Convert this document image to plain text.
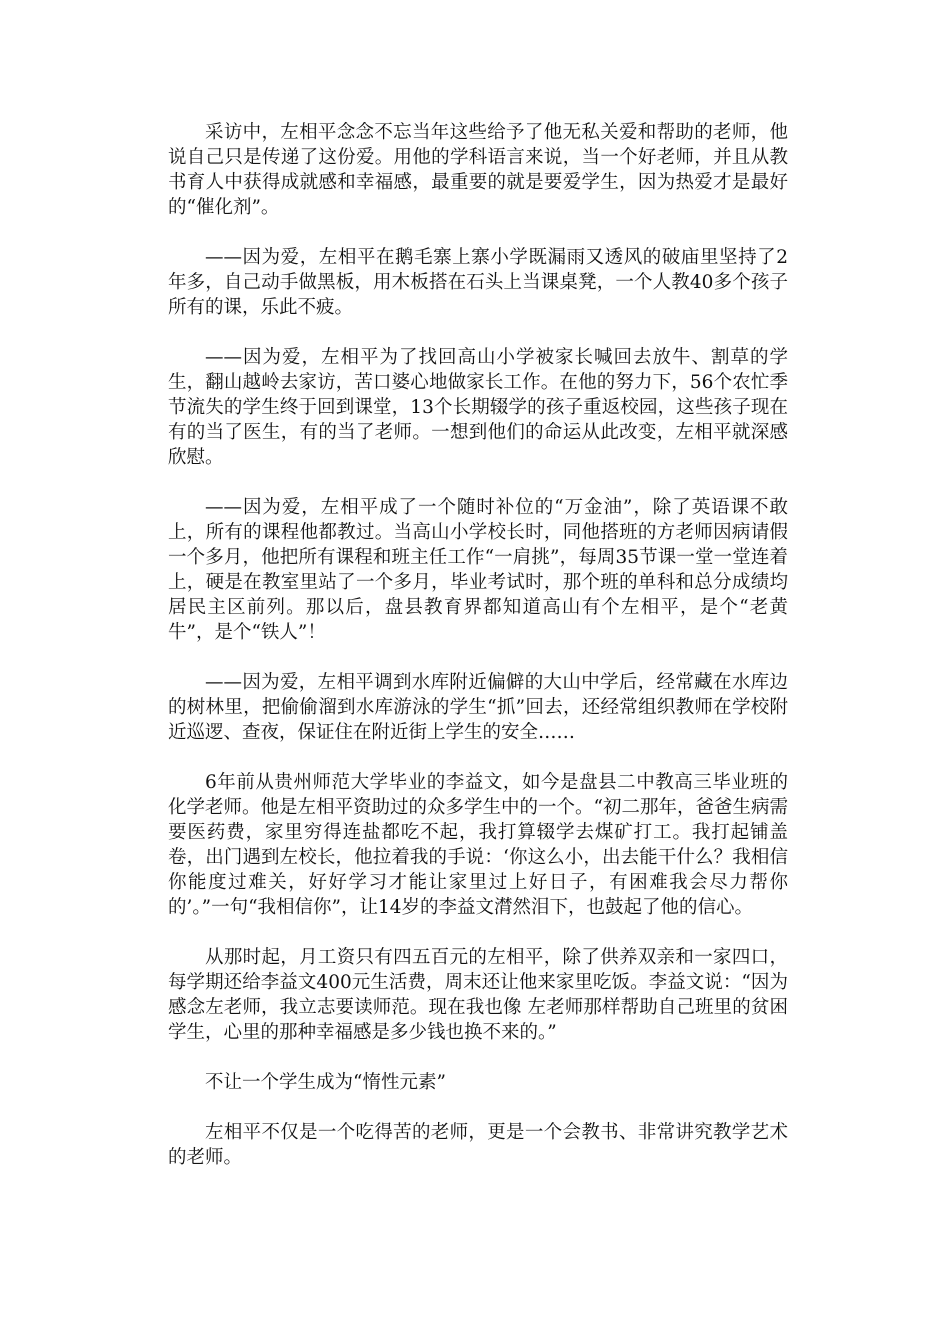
采访中，左相平念念不忘当年这些给予了他无私关爱和帮助的老师，他说自己只是传递了这份爱。用他的学科语言来说，当一个好老师，并且从教书育人中获得成就感和幸福感，最重要的就是要爱学生，因为热爱才是最好的“催化剂”。

——因为爱，左相平在鹅毛寨上寨小学既漏雨又透风的破庙里坚持了2年多，自己动手做黑板，用木板搭在石头上当课桌凳，一个人教40多个孩子所有的课，乐此不疲。

——因为爱，左相平为了找回高山小学被家长喊回去放牛、割草的学生，翻山越岭去家访，苦口婆心地做家长工作。在他的努力下，56个农忙季节流失的学生终于回到课堂，13个长期辍学的孩子重返校园，这些孩子现在有的当了医生，有的当了老师。一想到他们的命运从此改变，左相平就深感欣慰。

——因为爱，左相平成了一个随时补位的“万金油”，除了英语课不敢上，所有的课程他都教过。当高山小学校长时，同他搭班的方老师因病请假一个多月，他把所有课程和班主任工作“一肩挑”，每周35节课一堂一堂连着上，硬是在教室里站了一个多月，毕业考试时，那个班的单科和总分成绩均居民主区前列。那以后，盘县教育界都知道高山有个左相平，是个“老黄牛”，是个“铁人”！

——因为爱，左相平调到水库附近偏僻的大山中学后，经常藏在水库边的树林里，把偷偷溜到水库游泳的学生“抓”回去，还经常组织教师在学校附近巡逻、查夜，保证住在附近街上学生的安全……

6年前从贵州师范大学毕业的李益文，如今是盘县二中教高三毕业班的化学老师。他是左相平资助过的众多学生中的一个。“初二那年，爸爸生病需要医药费，家里穷得连盐都吃不起，我打算辍学去煤矿打工。我打起铺盖卷，出门遇到左校长，他拉着我的手说：‘你这么小，出去能干什么？我相信你能度过难关，好好学习才能让家里过上好日子，有困难我会尽力帮你的’。”一句“我相信你”，让14岁的李益文潸然泪下，也鼓起了他的信心。

从那时起，月工资只有四五百元的左相平，除了供养双亲和一家四口，每学期还给李益文400元生活费，周末还让他来家里吃饭。李益文说：“因为感念左老师，我立志要读师范。现在我也像 左老师那样帮助自己班里的贫困学生，心里的那种幸福感是多少钱也换不来的。”

不让一个学生成为“惰性元素”

左相平不仅是一个吃得苦的老师，更是一个会教书、非常讲究教学艺术的老师。
